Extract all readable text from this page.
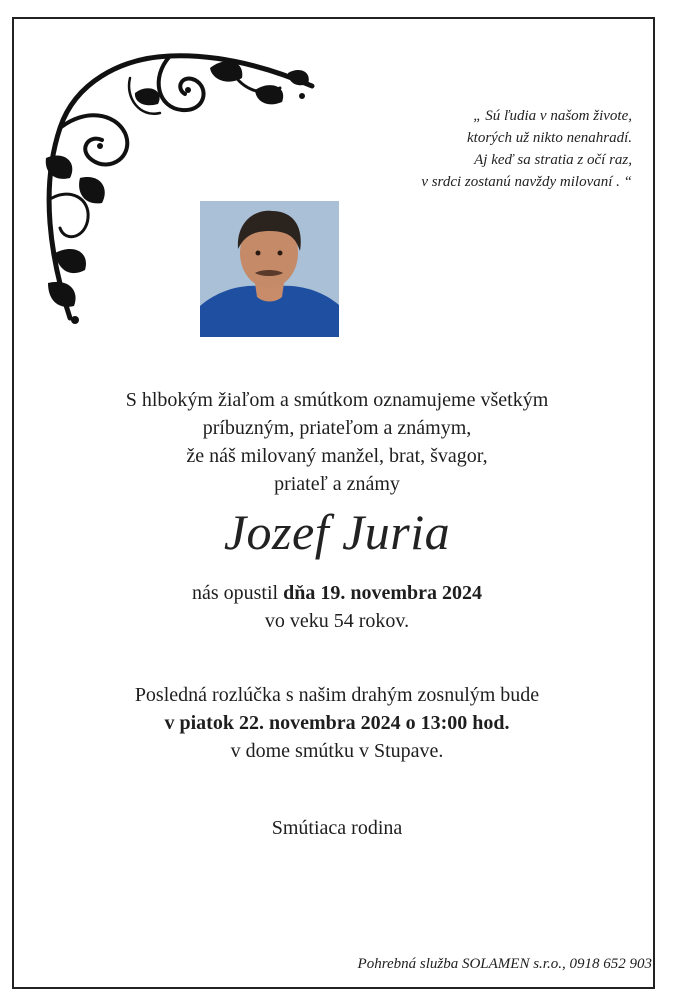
„ Sú ľudia v našom živote,
ktorých už nikto nenahradí.
Aj keď sa stratia z očí raz,
v srdci zostanú navždy milovaní . “
S hlbokým žiaľom a smútkom oznamujeme všetkým
príbuzným, priateľom a známym,
že náš milovaný manžel, brat, švagor,
priateľ a známy
Jozef Juria
nás opustil dňa 19. novembra 2024
vo veku 54 rokov.
Posledná rozlúčka s našim drahým zosnulým bude
v piatok 22. novembra 2024 o 13:00 hod.
v dome smútku v Stupave.
Smútiaca rodina
Pohrebná služba SOLAMEN s.r.o., 0918 652 903
